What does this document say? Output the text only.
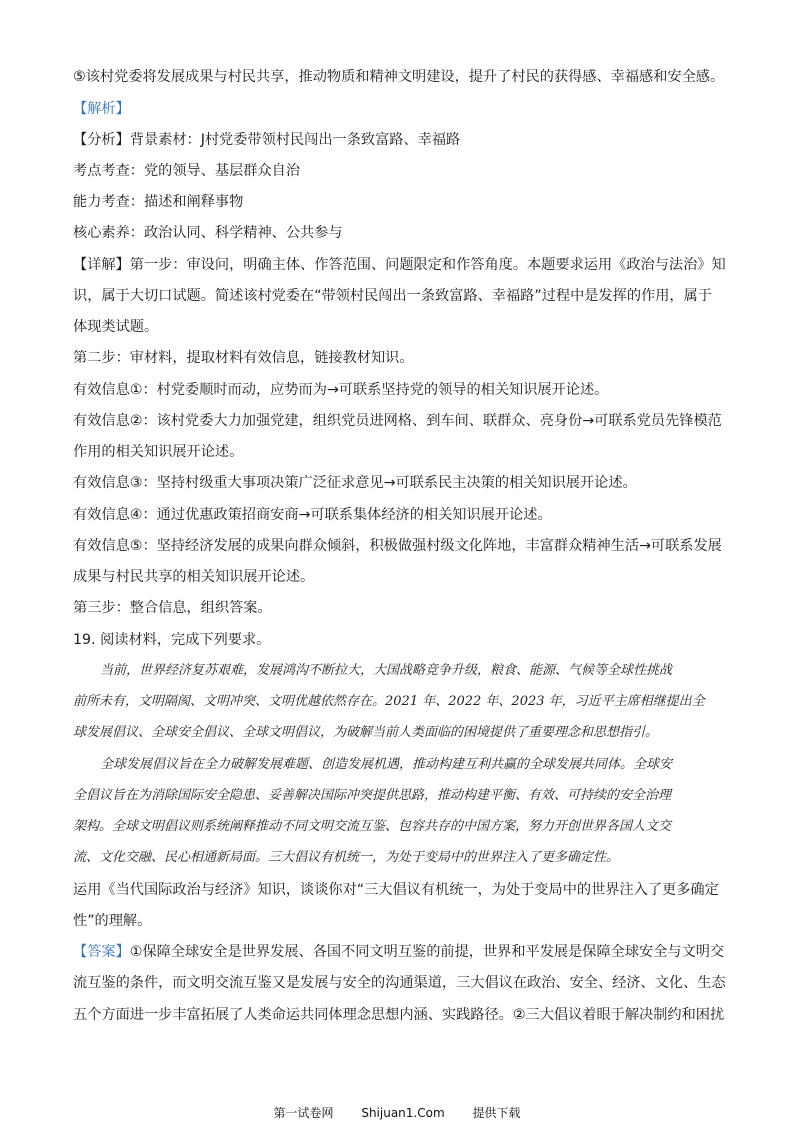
⑤该村党委将发展成果与村民共享，推动物质和精神文明建设，提升了村民的获得感、幸福感和安全感。
【解析】
【分析】背景素材：J村党委带领村民闯出一条致富路、幸福路
考点考查：党的领导、基层群众自治
能力考查：描述和阐释事物
核心素养：政治认同、科学精神、公共参与
【详解】第一步：审设问，明确主体、作答范围、问题限定和作答角度。本题要求运用《政治与法治》知
识，属于大切口试题。简述该村党委在“带领村民闯出一条致富路、幸福路”过程中是发挥的作用，属于
体现类试题。
第二步：审材料，提取材料有效信息，链接教材知识。
有效信息①：村党委顺时而动，应势而为→可联系坚持党的领导的相关知识展开论述。
有效信息②：该村党委大力加强党建，组织党员进网格、到车间、联群众、亮身份→可联系党员先锋模范
作用的相关知识展开论述。
有效信息③：坚持村级重大事项决策广泛征求意见→可联系民主决策的相关知识展开论述。
有效信息④：通过优惠政策招商安商→可联系集体经济的相关知识展开论述。
有效信息⑤：坚持经济发展的成果向群众倾斜，积极做强村级文化阵地，丰富群众精神生活→可联系发展
成果与村民共享的相关知识展开论述。
第三步：整合信息，组织答案。
19. 阅读材料，完成下列要求。
当前，世界经济复苏艰难，发展鸿沟不断拉大，大国战略竞争升级，粮食、能源、气候等全球性挑战
前所未有，文明隔阂、文明冲突、文明优越依然存在。2021 年、2022 年、2023 年，习近平主席相继提出全
球发展倡议、全球安全倡议、全球文明倡议，为破解当前人类面临的困境提供了重要理念和思想指引。
全球发展倡议旨在全力破解发展难题、创造发展机遇，推动构建互利共赢的全球发展共同体。全球安
全倡议旨在为消除国际安全隐患、妥善解决国际冲突提供思路，推动构建平衡、有效、可持续的安全治理
架构。全球文明倡议则系统阐释推动不同文明交流互鉴、包容共存的中国方案，努力开创世界各国人文交
流、文化交融、民心相通新局面。三大倡议有机统一，为处于变局中的世界注入了更多确定性。
运用《当代国际政治与经济》知识，谈谈你对“三大倡议有机统一，为处于变局中的世界注入了更多确定
性”的理解。
【答案】①保障全球安全是世界发展、各国不同文明互鉴的前提，世界和平发展是保障全球安全与文明交
流互鉴的条件，而文明交流互鉴又是发展与安全的沟通渠道，三大倡议在政治、安全、经济、文化、生态
五个方面进一步丰富拓展了人类命运共同体理念思想内涵、实践路径。②三大倡议着眼于解决制约和困扰
第一试卷网 Shijuan1.Com 提供下载
